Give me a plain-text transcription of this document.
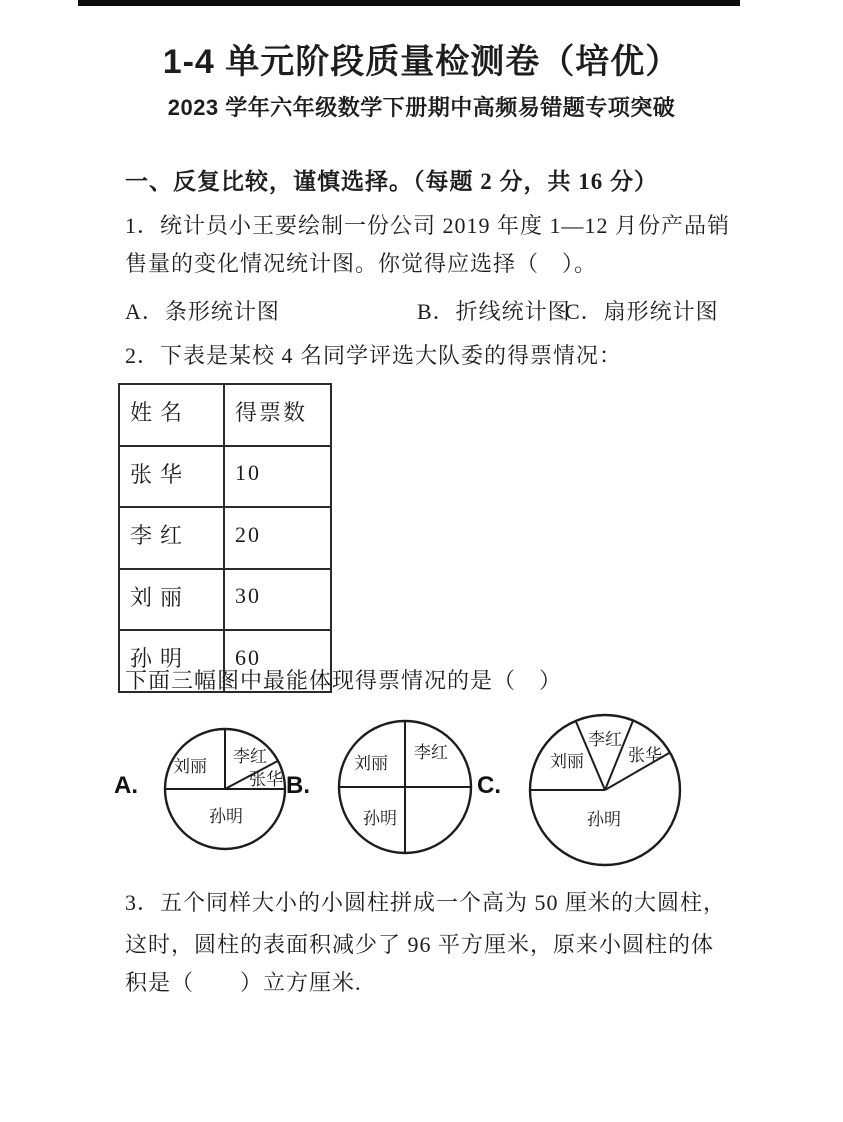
1-4 单元阶段质量检测卷（培优）
2023 学年六年级数学下册期中高频易错题专项突破
一、反复比较，谨慎选择。（每题 2 分，共 16 分）
1．统计员小王要绘制一份公司 2019 年度 1—12 月份产品销
售量的变化情况统计图。你觉得应选择（　）。
A．条形统计图	B．折线统计图
C．扇形统计图
2．下表是某校 4 名同学评选大队委的得票情况：
姓名	得票数
张华	10
李红	20
刘丽	30
孙明	60
下面三幅图中最能体现得票情况的是（　）
刘丽
李红
张华
孙明
刘丽
李红
孙明
刘丽
李红
张华
孙明
A.	B.	C.
3．五个同样大小的小圆柱拼成一个高为 50 厘米的大圆柱，
这时，圆柱的表面积减少了 96 平方厘米，原来小圆柱的体
积是（　　）立方厘米.
